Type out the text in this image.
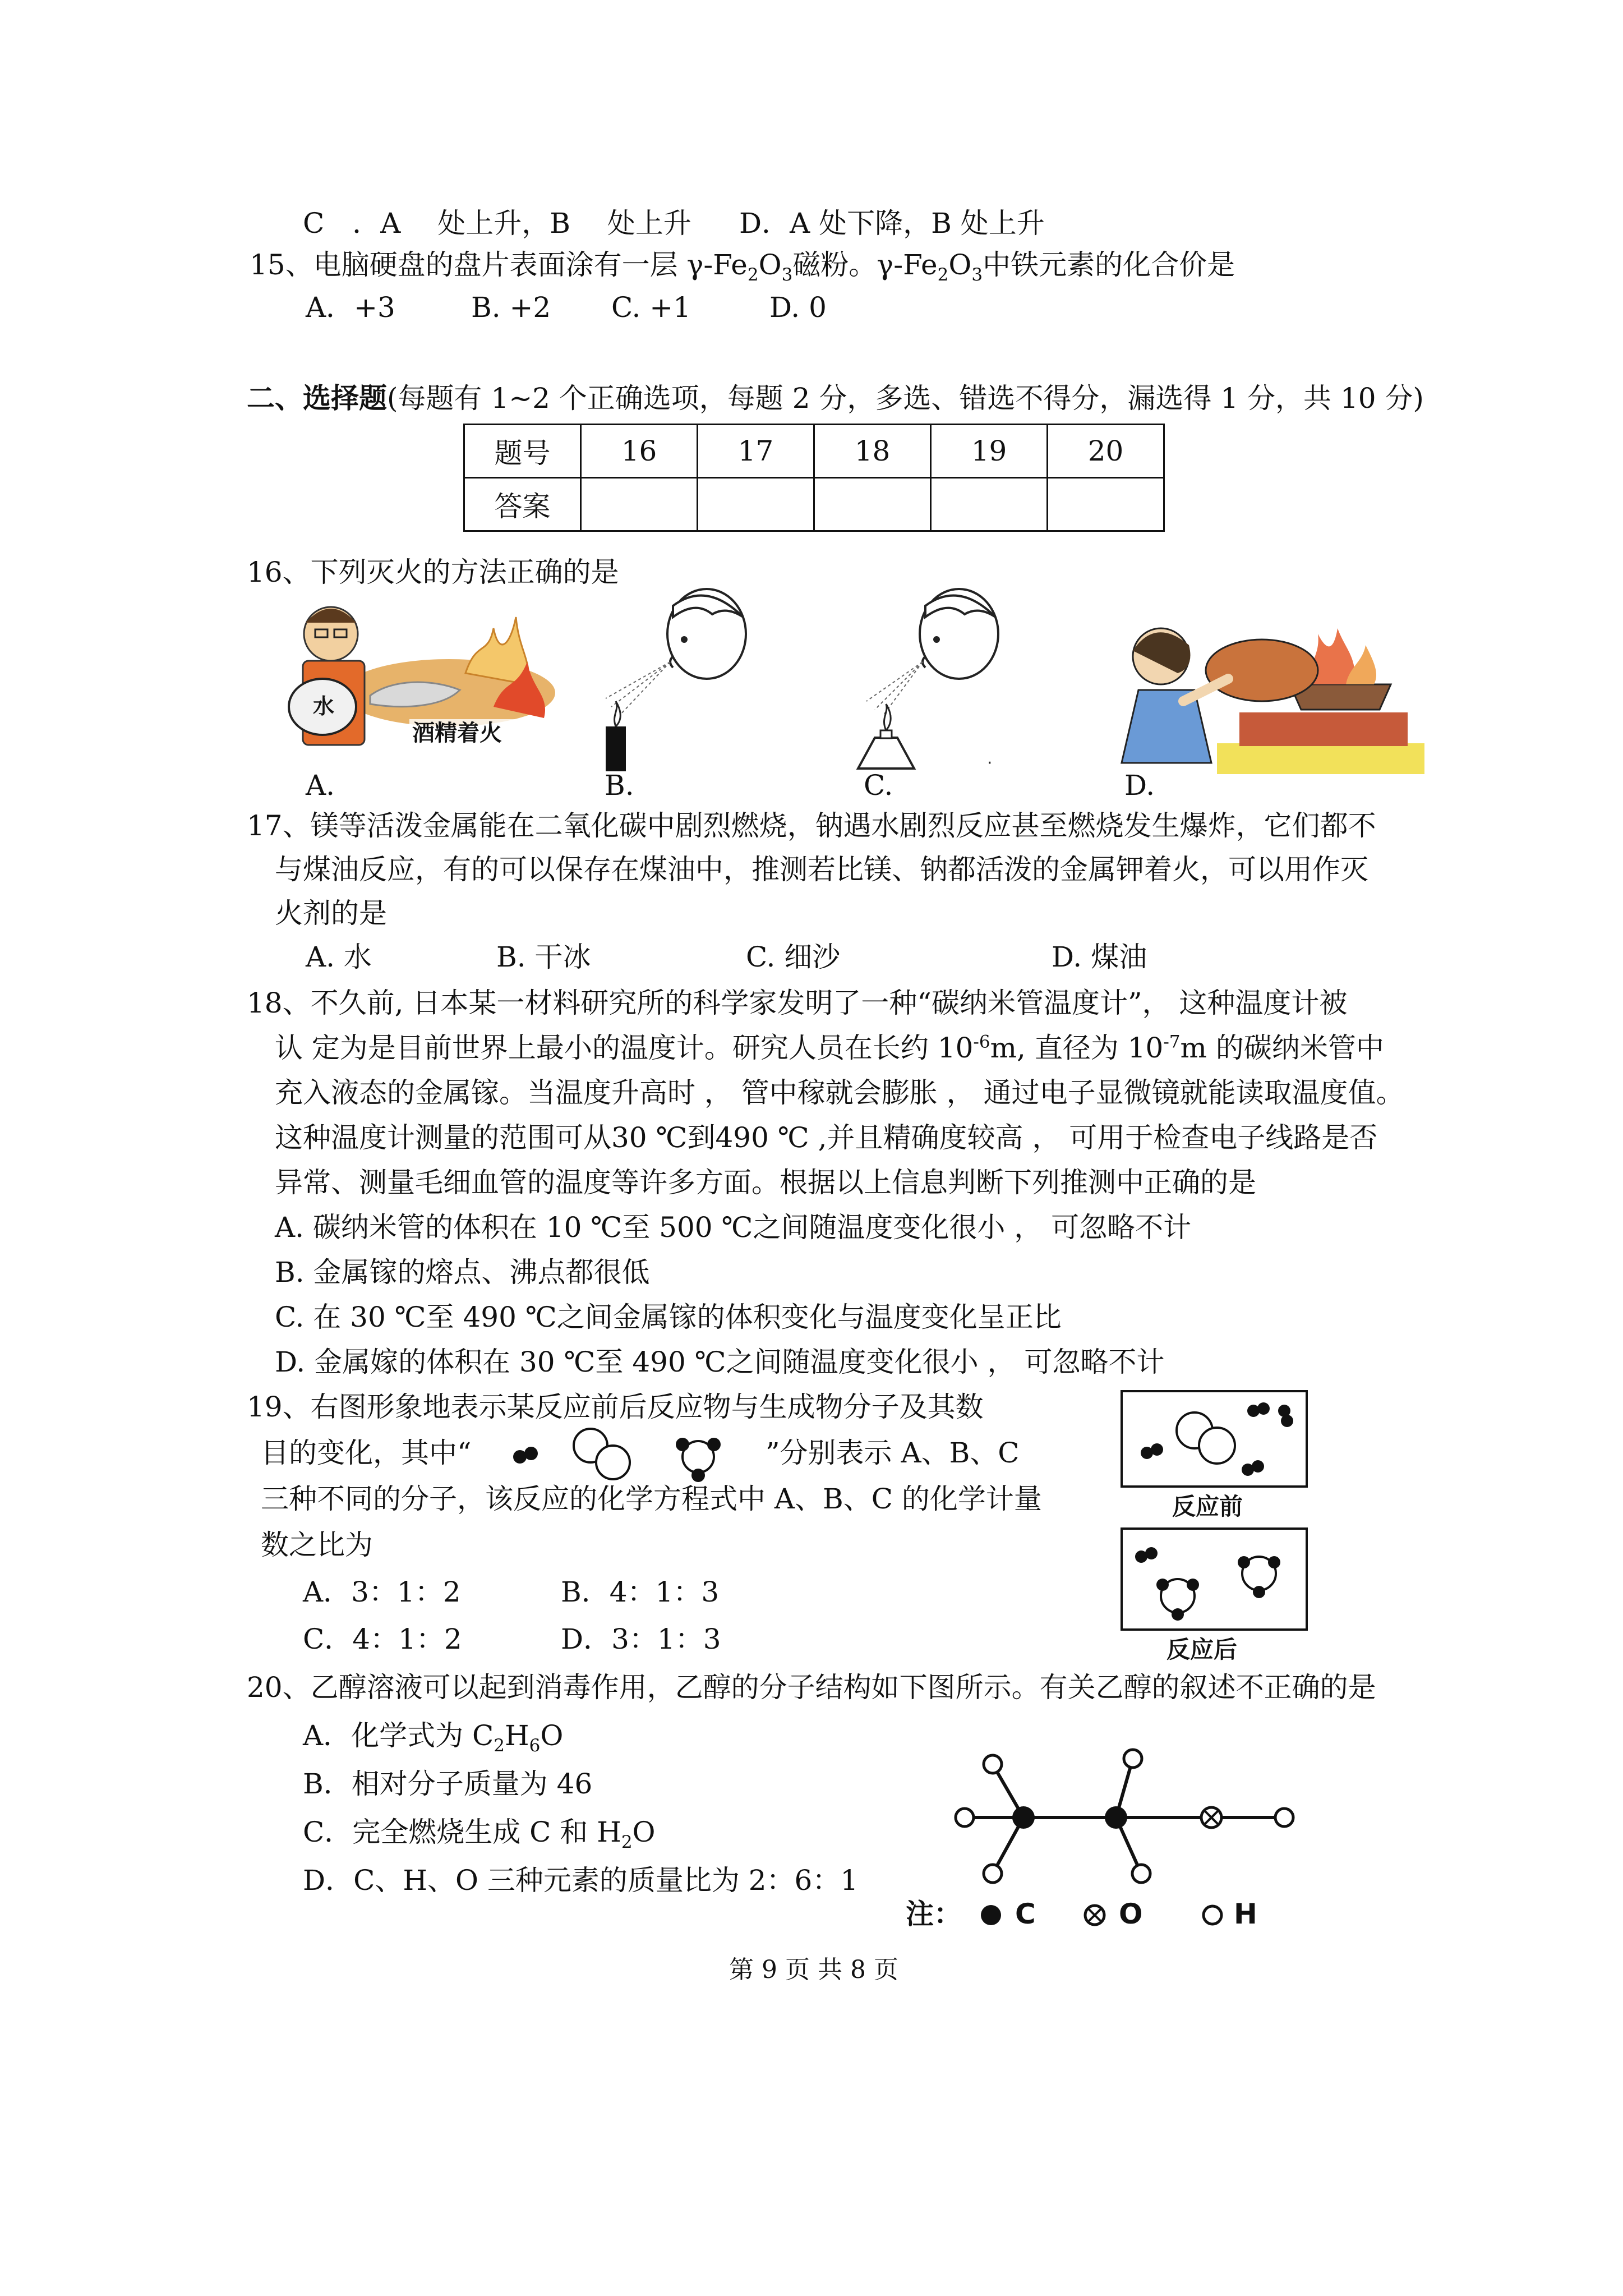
C　．A　 处上升，B　 处上升 D．A 处下降，B 处上升
15、电脑硬盘的盘片表面涂有一层 $\gamma-Fe_2O_3$磁粉。$\gamma-Fe_2O_3$中铁元素的化合价是
A．+3	B. +2 C. +1	D. 0
二、选择题(每题有 1~2 个正确选项，每题 2 分，多选、错选不得分，漏选得 1 分，共 10 分)
题号	16	17	18	19	20
答案					
16、下列灭火的方法正确的是
水
酒精着火
·
A.	B.	C.	D.
17、镁等活泼金属能在二氧化碳中剧烈燃烧，钠遇水剧烈反应甚至燃烧发生爆炸，它们都不
与煤油反应，有的可以保存在煤油中，推测若比镁、钠都活泼的金属钾着火，可以用作灭
火剂的是
A. 水	B. 干冰	C. 细沙	D. 煤油
18、不久前, 日本某一材料研究所的科学家发明了一种“碳纳米管温度计”， 这种温度计被
认 定为是目前世界上最小的温度计。研究人员在长约 $10^{-6}m$, 直径为 $10^{-7}m$ 的碳纳米管中
充入液态的金属镓。当温度升高时 ， 管中稼就会膨胀 ， 通过电子显微镜就能读取温度值。
这种温度计测量的范围可从30 ℃到490 ℃ ,并且精确度较高 ， 可用于检查电子线路是否
异常、测量毛细血管的温度等许多方面。根据以上信息判断下列推测中正确的是
A. 碳纳米管的体积在 10 ℃至 500 ℃之间随温度变化很小 ， 可忽略不计
B. 金属镓的熔点、沸点都很低
C. 在 30 ℃至 490 ℃之间金属镓的体积变化与温度变化呈正比
D. 金属嫁的体积在 30 ℃至 490 ℃之间随温度变化很小 ， 可忽略不计
19、右图形象地表示某反应前后反应物与生成物分子及其数
目的变化，其中“	”分别表示 A、B、C
三种不同的分子，该反应的化学方程式中 A、B、C 的化学计量
数之比为
A．3：1：2	B．4：1：3
C．4：1：2	D．3：1：3
反应前
反应后
20、乙醇溶液可以起到消毒作用，乙醇的分子结构如下图所示。有关乙醇的叙述不正确的是
A．化学式为 $C_2H_6O$
B．相对分子质量为 46
C．完全燃烧生成 C 和 $H_2O$
D．C、H、O 三种元素的质量比为 2：6：1
注： C	O	H
第 9 页 共 8 页
